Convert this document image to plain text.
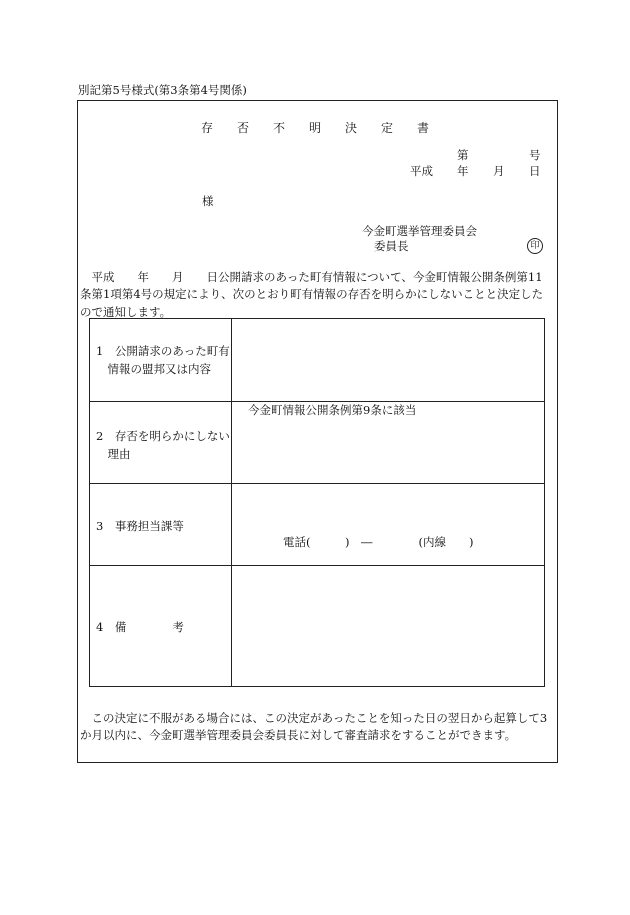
別記第5号様式(第3条第4号関係)
存 否 不 明 決 定 書
第	号
平成 年 月 日
様
今金町選挙管理委員会
委員長	印
平成　　年　　月　　日公開請求のあった町有情報について、今金町情報公開条例第11条第1項第4号の規定により、次のとおり町有情報の存否を明らかにしないことと決定したので通知します。
1　公開請求のあった町有情報の盟邦又は内容
2　存否を明らかにしない理由
今金町情報公開条例第9条に該当
3　事務担当課等
電話(　　　)　―　　　　(内線　　)
4　備　　　　考
この決定に不服がある場合には、この決定があったことを知った日の翌日から起算して3か月以内に、今金町選挙管理委員会委員長に対して審査請求をすることができます。
